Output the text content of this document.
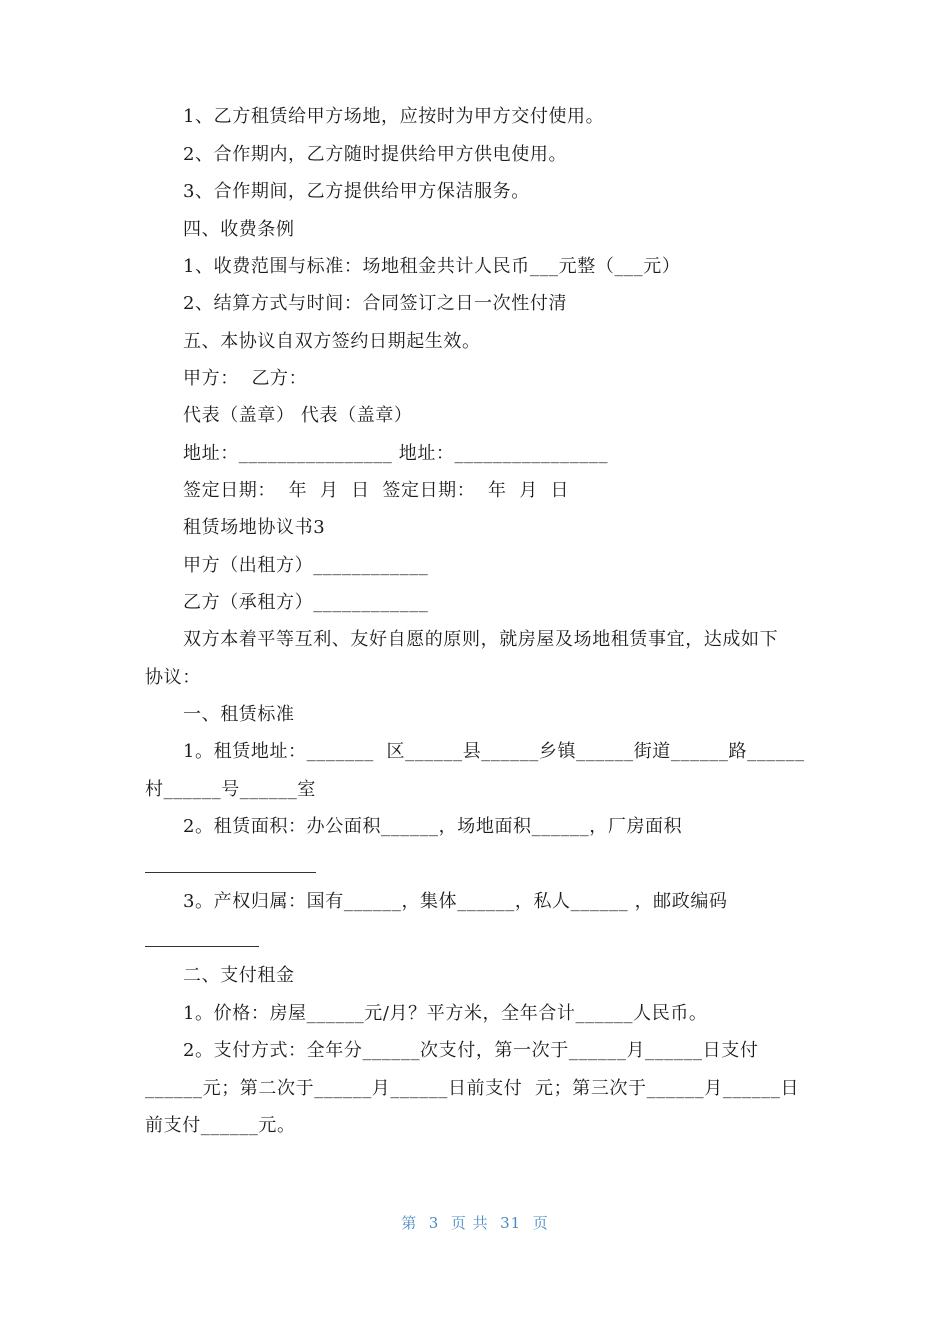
1、乙方租赁给甲方场地，应按时为甲方交付使用。
2、合作期内，乙方随时提供给甲方供电使用。
3、合作期间，乙方提供给甲方保洁服务。
四、收费条例
1、收费范围与标准：场地租金共计人民币___元整（___元）
2、结算方式与时间：合同签订之日一次性付清
五、本协议自双方签约日期起生效。
甲方：  乙方：
代表（盖章） 代表（盖章）
地址：________________ 地址：________________
签定日期：  年  月  日  签定日期：  年  月  日
租赁场地协议书3
甲方（出租方）____________
乙方（承租方）____________
双方本着平等互利、友好自愿的原则，就房屋及场地租赁事宜，达成如下
协议：
一、租赁标准
1。租赁地址：_______  区______县______乡镇______街道______路______
村______号______室
2。租赁面积：办公面积______，场地面积______，厂房面积
3。产权归属：国有______，集体______，私人______ ，邮政编码
二、支付租金
1。价格：房屋______元/月？平方米，全年合计______人民币。
2。支付方式：全年分______次支付，第一次于______月______日支付
______元；第二次于______月______日前支付  元；第三次于______月______日
前支付______元。
第  3  页 共  31  页
